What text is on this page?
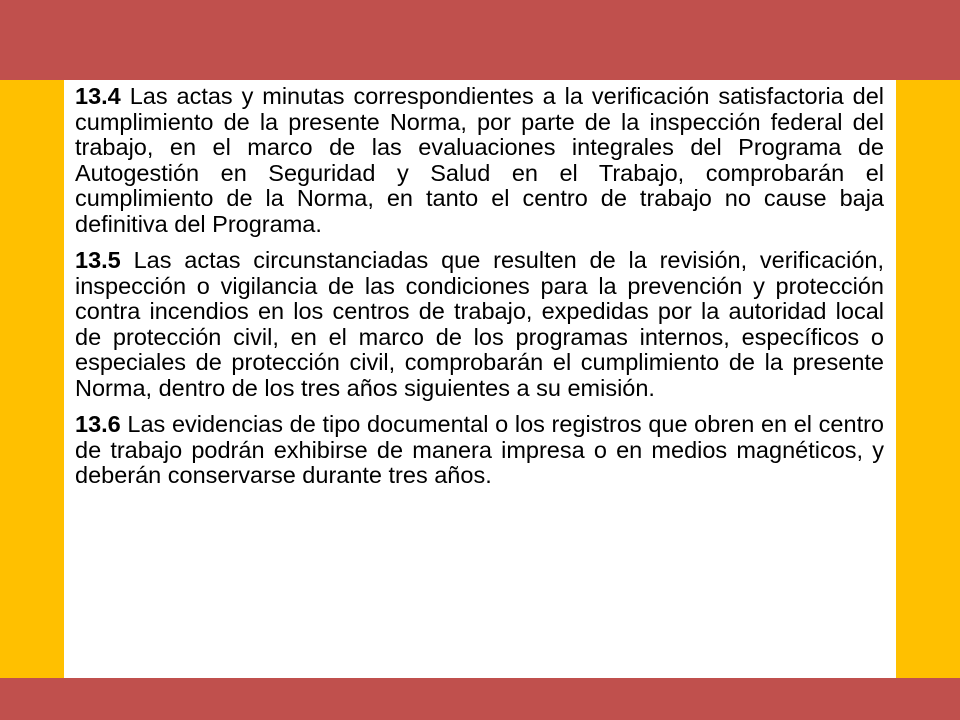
13.4 Las actas y minutas correspondientes a la verificación satisfactoria del cumplimiento de la presente Norma, por parte de la inspección federal del trabajo, en el marco de las evaluaciones integrales del Programa de Autogestión en Seguridad y Salud en el Trabajo, comprobarán el cumplimiento de la Norma, en tanto el centro de trabajo no cause baja definitiva del Programa.

13.5 Las actas circunstanciadas que resulten de la revisión, verificación, inspección o vigilancia de las condiciones para la prevención y protección contra incendios en los centros de trabajo, expedidas por la autoridad local de protección civil, en el marco de los programas internos, específicos o especiales de protección civil, comprobarán el cumplimiento de la presente Norma, dentro de los tres años siguientes a su emisión.

13.6 Las evidencias de tipo documental o los registros que obren en el centro de trabajo podrán exhibirse de manera impresa o en medios magnéticos, y deberán conservarse durante tres años.
